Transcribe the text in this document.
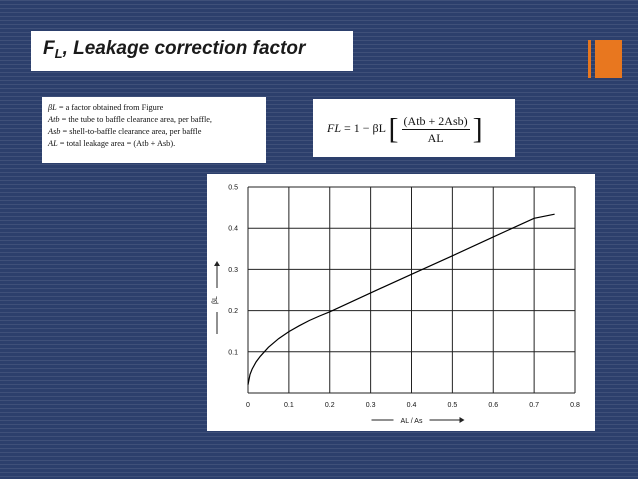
$F_L$, Leakage correction factor
βL = a factor obtained from Figure
Atb = the tube to baffle clearance area, per baffle,
Asb = shell-to-baffle clearance area, per baffle
AL = total leakage area = (Atb + Asb).
FL = 1 − βL [ (Atb + 2Asb)
AL ]
0	0.1	0.2	0.3	0.4	0.5	0.6	0.7	0.8
0.1
0.2
0.3
0.4
0.5
AL / As
βL
